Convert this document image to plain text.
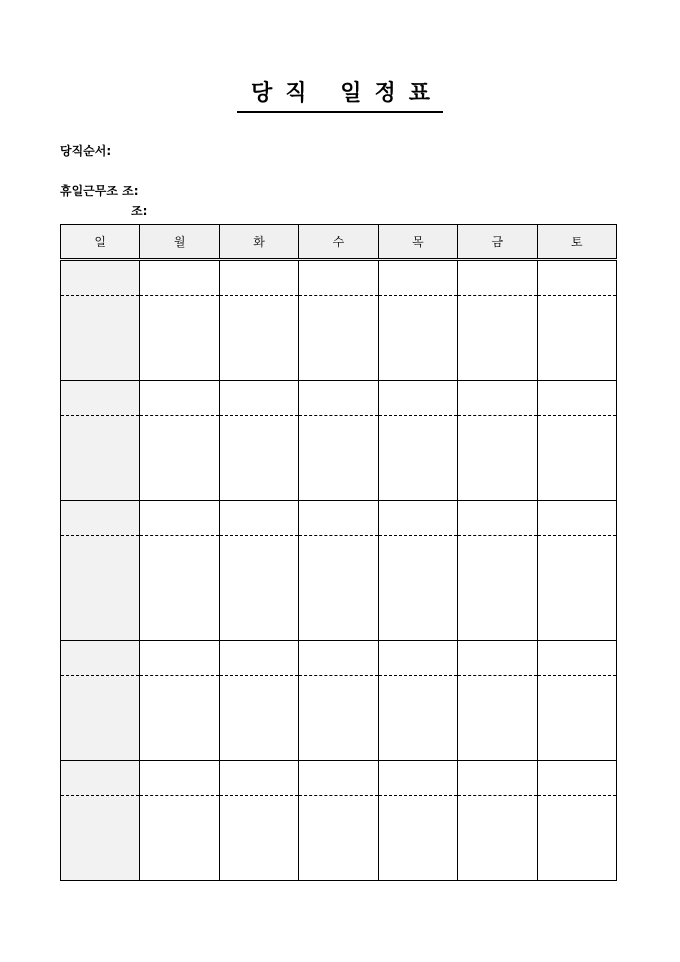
당직 일정표
당직순서:
휴일근무조 조:
조:
일	월	화	수	목	금	토
